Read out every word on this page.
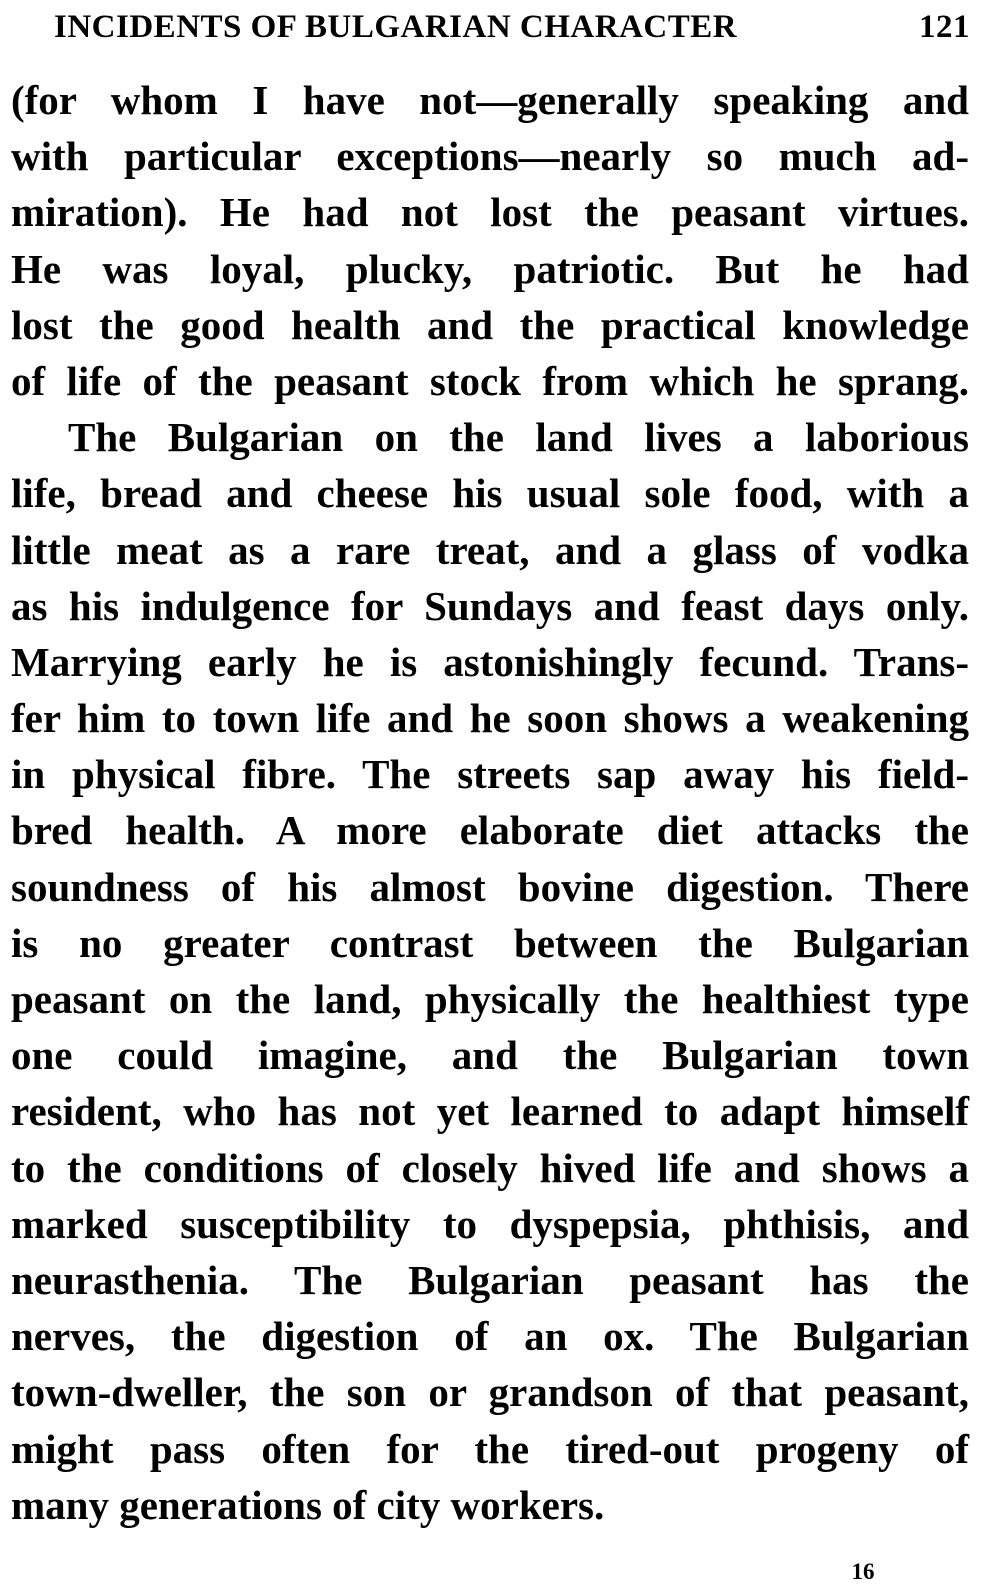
INCIDENTS OF BULGARIAN CHARACTER	121
(for whom I have not—generally speaking and
with particular exceptions—nearly so much ad-
miration). He had not lost the peasant virtues.
He was loyal, plucky, patriotic. But he had
lost the good health and the practical knowledge
of life of the peasant stock from which he sprang.
The Bulgarian on the land lives a laborious
life, bread and cheese his usual sole food, with a
little meat as a rare treat, and a glass of vodka
as his indulgence for Sundays and feast days only.
Marrying early he is astonishingly fecund. Trans-
fer him to town life and he soon shows a weakening
in physical fibre. The streets sap away his field-
bred health. A more elaborate diet attacks the
soundness of his almost bovine digestion. There
is no greater contrast between the Bulgarian
peasant on the land, physically the healthiest type
one could imagine, and the Bulgarian town
resident, who has not yet learned to adapt himself
to the conditions of closely hived life and shows a
marked susceptibility to dyspepsia, phthisis, and
neurasthenia. The Bulgarian peasant has the
nerves, the digestion of an ox. The Bulgarian
town-dweller, the son or grandson of that peasant,
might pass often for the tired-out progeny of
many generations of city workers.
16
